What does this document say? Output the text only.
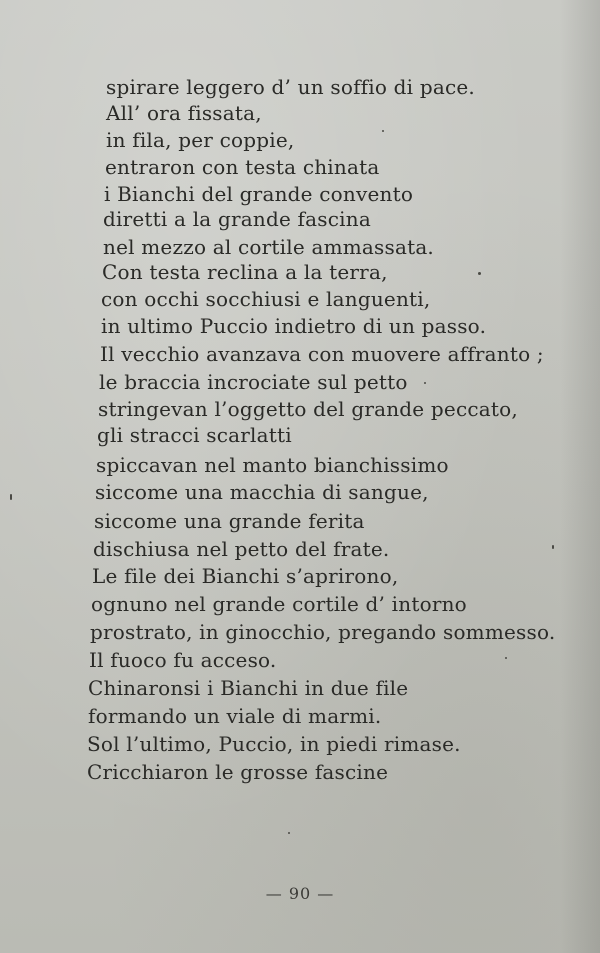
spirare leggero d’ un soffio di pace.
All’ ora fissata,
in fila, per coppie,
entraron con testa chinata
i Bianchi del grande convento
diretti a la grande fascina
nel mezzo al cortile ammassata.
Con testa reclina a la terra,
con occhi socchiusi e languenti,
in ultimo Puccio indietro di un passo.
Il vecchio avanzava con muovere affranto ;
le braccia incrociate sul petto
stringevan l’oggetto del grande peccato,
gli stracci scarlatti
spiccavan nel manto bianchissimo
siccome una macchia di sangue,
siccome una grande ferita
dischiusa nel petto del frate.
Le file dei Bianchi s’aprirono,
ognuno nel grande cortile d’ intorno
prostrato, in ginocchio, pregando sommesso.
Il fuoco fu acceso.
Chinaronsi i Bianchi in due file
formando un viale di marmi.
Sol l’ultimo, Puccio, in piedi rimase.
Cricchiaron le grosse fascine
— 90 —
